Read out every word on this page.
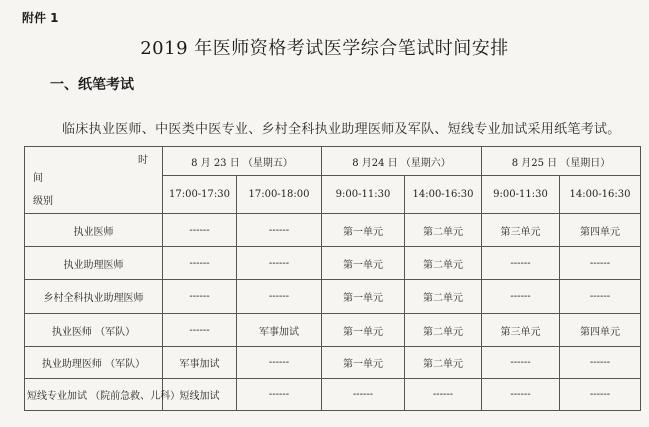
附件 1
2019 年医师资格考试医学综合笔试时间安排
一、纸笔考试
临床执业医师、中医类中医专业、乡村全科执业助理医师及军队、短线专业加试采用纸笔考试。
时
间
级别	8 月 23 日 （星期五）		8 月24 日 （星期六）		8 月25 日 （星期日）	
	17:00-17:30	17:00-18:00	9:00-11:30	14:00-16:30	9:00-11:30	14:00-16:30
执业医师	------	------	第一单元	第二单元	第三单元	第四单元
执业助理医师	------	------	第一单元	第二单元	------	------
乡村全科执业助理医师	------	------	第一单元	第二单元	------	------
执业医师 （军队）	------	军事加试	第一单元	第二单元	第三单元	第四单元
执业助理医师 （军队）	军事加试	------	第一单元	第二单元	------	------
短线专业加试 （院前急救、儿科）	短线加试	------	------	------	------	------
